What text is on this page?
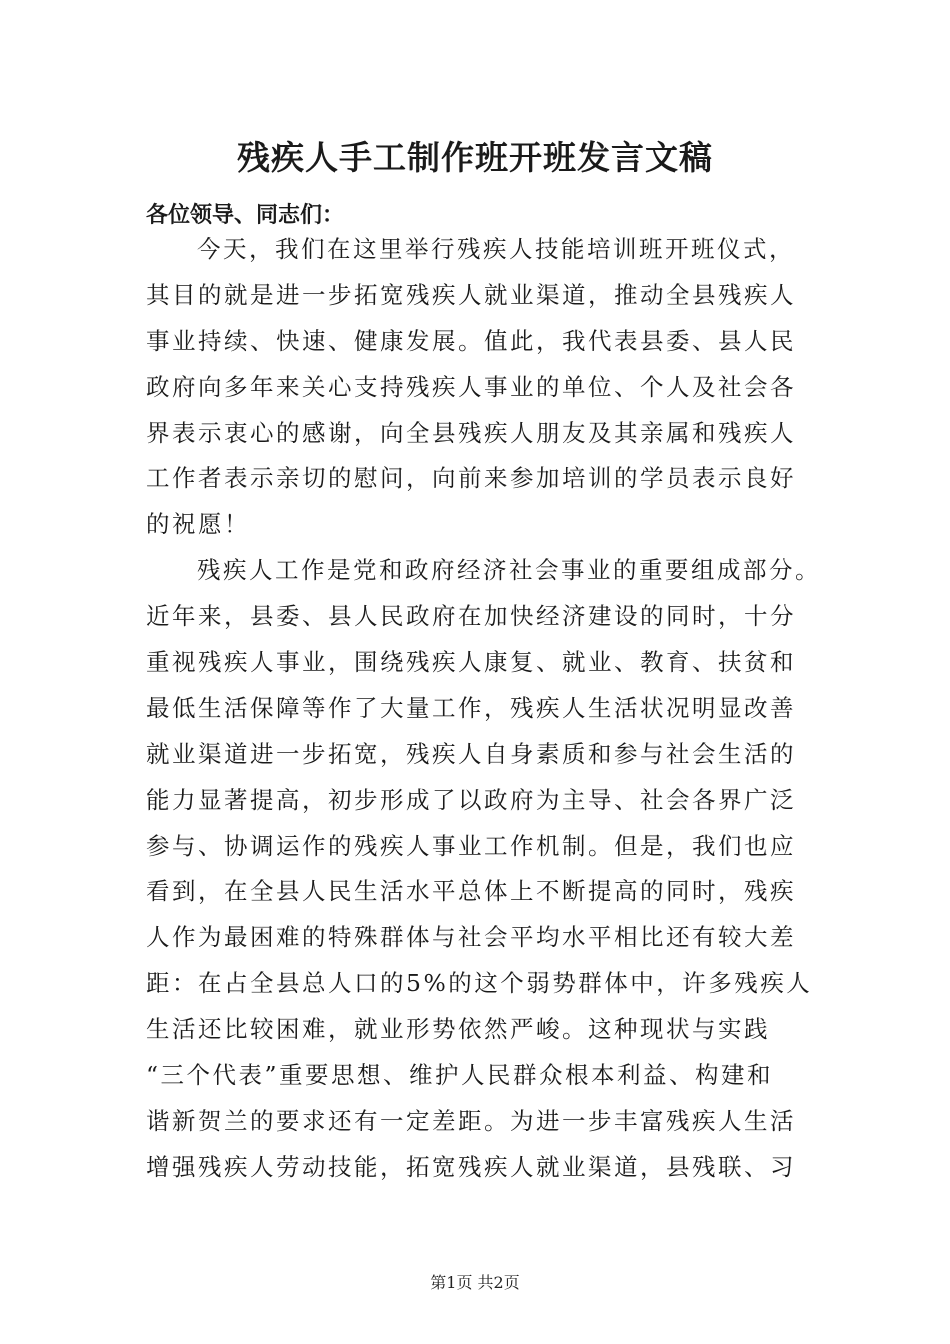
残疾人手工制作班开班发言文稿

各位领导、同志们：

今天，我们在这里举行残疾人技能培训班开班仪式，
其目的就是进一步拓宽残疾人就业渠道，推动全县残疾人
事业持续、快速、健康发展。值此，我代表县委、县人民
政府向多年来关心支持残疾人事业的单位、个人及社会各
界表示衷心的感谢，向全县残疾人朋友及其亲属和残疾人
工作者表示亲切的慰问，向前来参加培训的学员表示良好
的祝愿！
残疾人工作是党和政府经济社会事业的重要组成部分。
近年来，县委、县人民政府在加快经济建设的同时，十分
重视残疾人事业，围绕残疾人康复、就业、教育、扶贫和
最低生活保障等作了大量工作，残疾人生活状况明显改善
就业渠道进一步拓宽，残疾人自身素质和参与社会生活的
能力显著提高，初步形成了以政府为主导、社会各界广泛
参与、协调运作的残疾人事业工作机制。但是，我们也应
看到，在全县人民生活水平总体上不断提高的同时，残疾
人作为最困难的特殊群体与社会平均水平相比还有较大差
距：在占全县总人口的5%的这个弱势群体中，许多残疾人
生活还比较困难，就业形势依然严峻。这种现状与实践
“三个代表”重要思想、维护人民群众根本利益、构建和
谐新贺兰的要求还有一定差距。为进一步丰富残疾人生活
增强残疾人劳动技能，拓宽残疾人就业渠道，县残联、习
第1页 共2页
